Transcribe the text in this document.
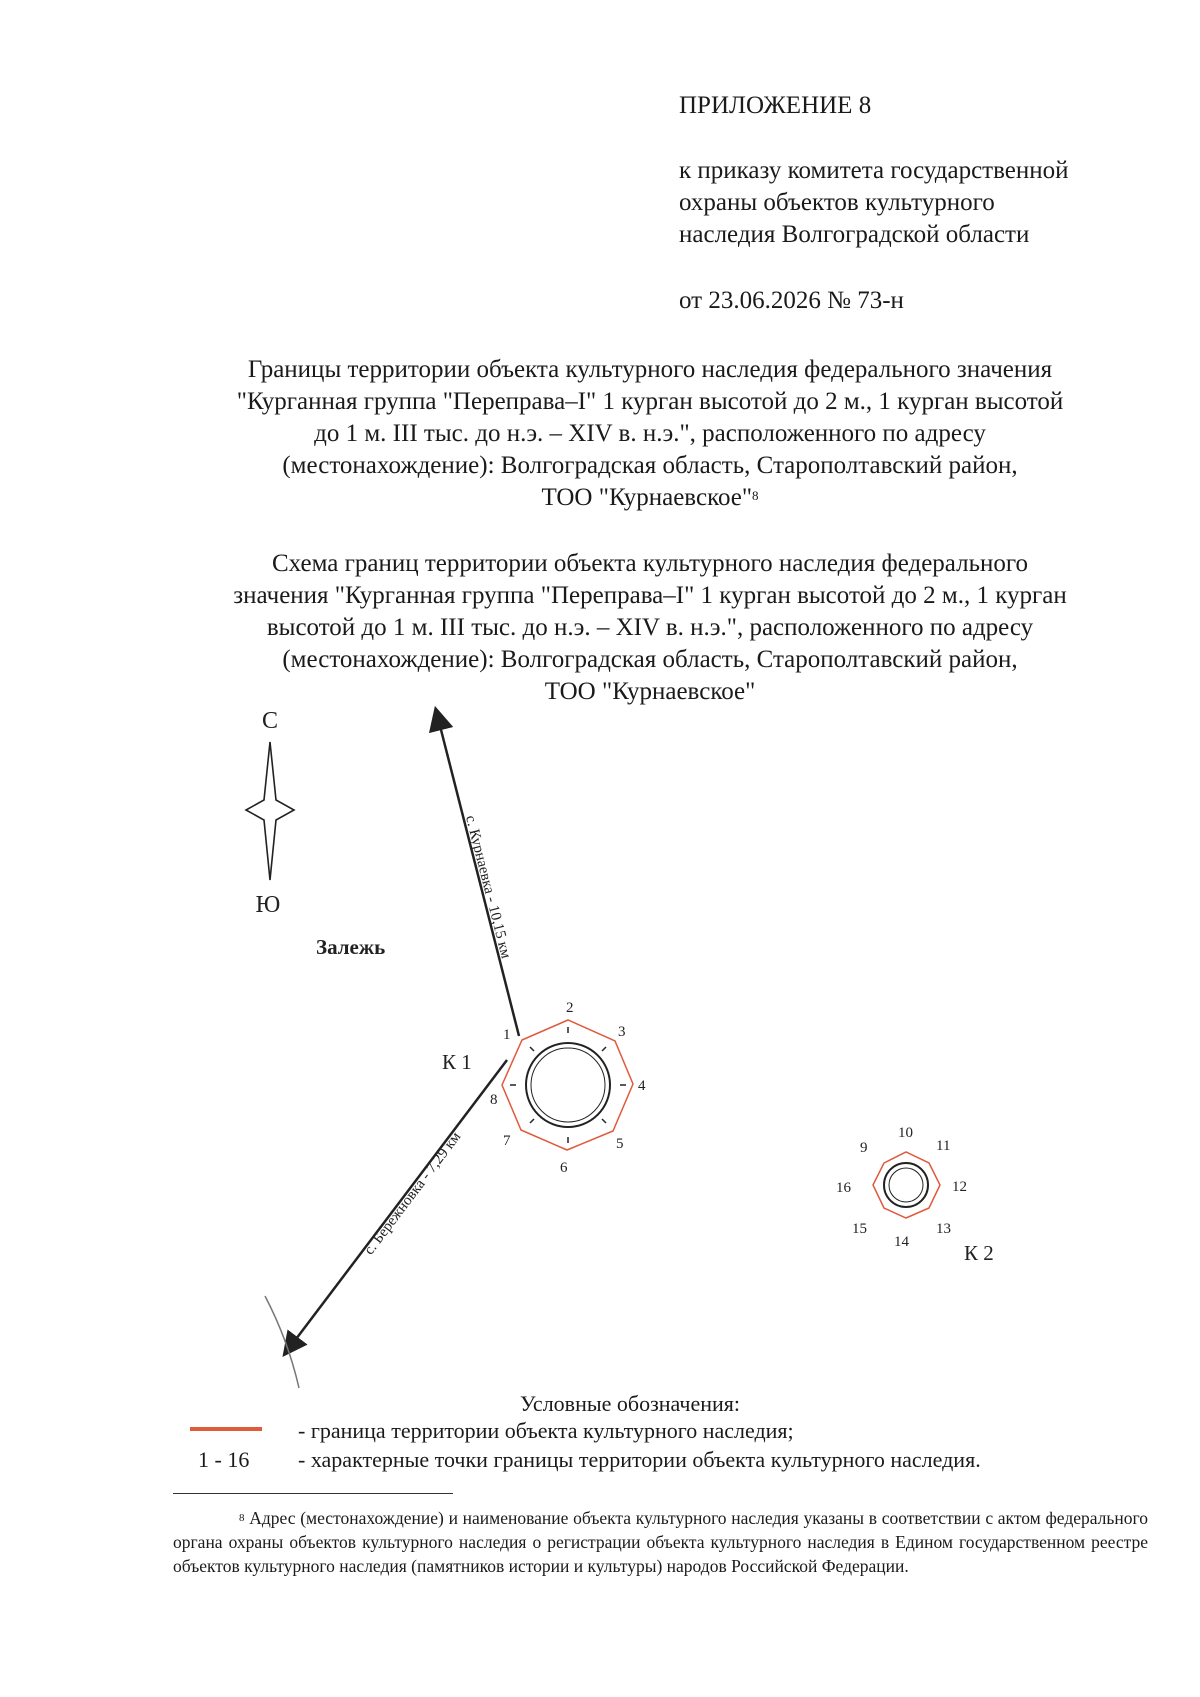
ПРИЛОЖЕНИЕ 8
к приказу комитета государственной
охраны объектов культурного
наследия Волгоградской области
от 23.06.2026 № 73-н
Границы территории объекта культурного наследия федерального значения
"Курганная группа "Переправа–I" 1 курган высотой до 2 м., 1 курган высотой
до 1 м. III тыс. до н.э. – XIV в. н.э.", расположенного по адресу
(местонахождение): Волгоградская область, Старополтавский район,
ТОО "Курнаевское"$^8$
Схема границ территории объекта культурного наследия федерального
значения "Курганная группа "Переправа–I" 1 курган высотой до 2 м., 1 курган
высотой до 1 м. III тыс. до н.э. – XIV в. н.э.", расположенного по адресу
(местонахождение): Волгоградская область, Старополтавский район,
ТОО "Курнаевское"
С
Ю
Залежь	с. Курнаевка - 10,15 км
с. Бережновка - 7,29 км
К 1
1
2
3
4
5
6
7
8
9
10
11
12
13
14
15
16
К 2
Условные обозначения:
- граница территории объекта культурного наследия;
1 - 16 - характерные точки границы территории объекта культурного наследия.
$^8$ Адрес (местонахождение) и наименование объекта культурного наследия указаны в соответствии с актом федерального органа охраны объектов культурного наследия о регистрации объекта культурного наследия в Едином государственном реестре объектов культурного наследия (памятников истории и культуры) народов Российской Федерации.
